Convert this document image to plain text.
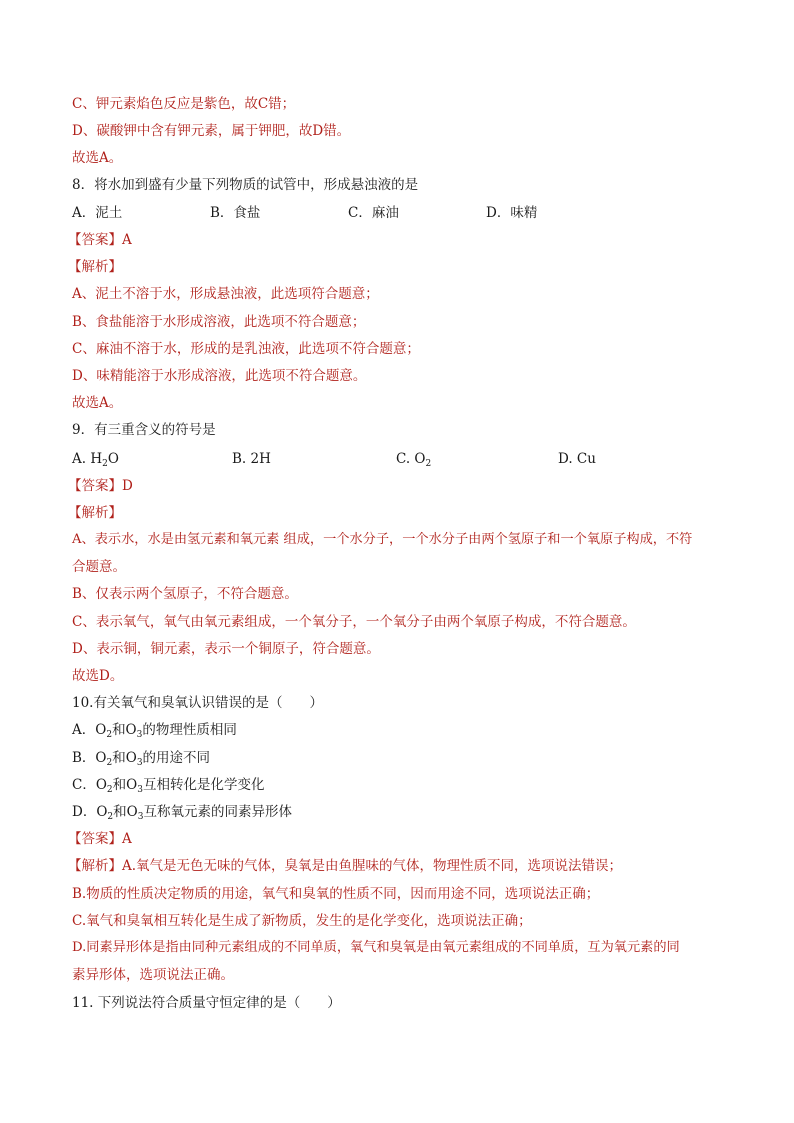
C、钾元素焰色反应是紫色，故C错；
D、碳酸钾中含有钾元素，属于钾肥，故D错。
故选A。
8．将水加到盛有少量下列物质的试管中，形成悬浊液的是
A．泥土	B．食盐	C．麻油	D．味精
【答案】A
【解析】
A、泥土不溶于水，形成悬浊液，此选项符合题意；
B、食盐能溶于水形成溶液，此选项不符合题意；
C、麻油不溶于水，形成的是乳浊液，此选项不符合题意；
D、味精能溶于水形成溶液，此选项不符合题意。
故选A。
9．有三重含义的符号是
A. $H_2O$	B. 2H	C. $O_2$	D. Cu
【答案】D
【解析】
A、表示水，水是由氢元素和氧元素 组成，一个水分子，一个水分子由两个氢原子和一个氧原子构成，不符
合题意。
B、仅表示两个氢原子，不符合题意。
C、表示氧气，氧气由氧元素组成，一个氧分子，一个氧分子由两个氧原子构成，不符合题意。
D、表示铜，铜元素，表示一个铜原子，符合题意。
故选D。
10.有关氧气和臭氧认识错误的是（　　）
A．$O_2$和$O_3$的物理性质相同
B．$O_2$和$O_3$的用途不同
C．$O_2$和$O_3$互相转化是化学变化
D．$O_2$和$O_3$互称氧元素的同素异形体
【答案】A
【解析】A.氧气是无色无味的气体，臭氧是由鱼腥味的气体，物理性质不同，选项说法错误；
B.物质的性质决定物质的用途，氧气和臭氧的性质不同，因而用途不同，选项说法正确；
C.氧气和臭氧相互转化是生成了新物质，发生的是化学变化，选项说法正确；
D.同素异形体是指由同种元素组成的不同单质，氧气和臭氧是由氧元素组成的不同单质，互为氧元素的同
素异形体，选项说法正确。
11. 下列说法符合质量守恒定律的是（　　）
